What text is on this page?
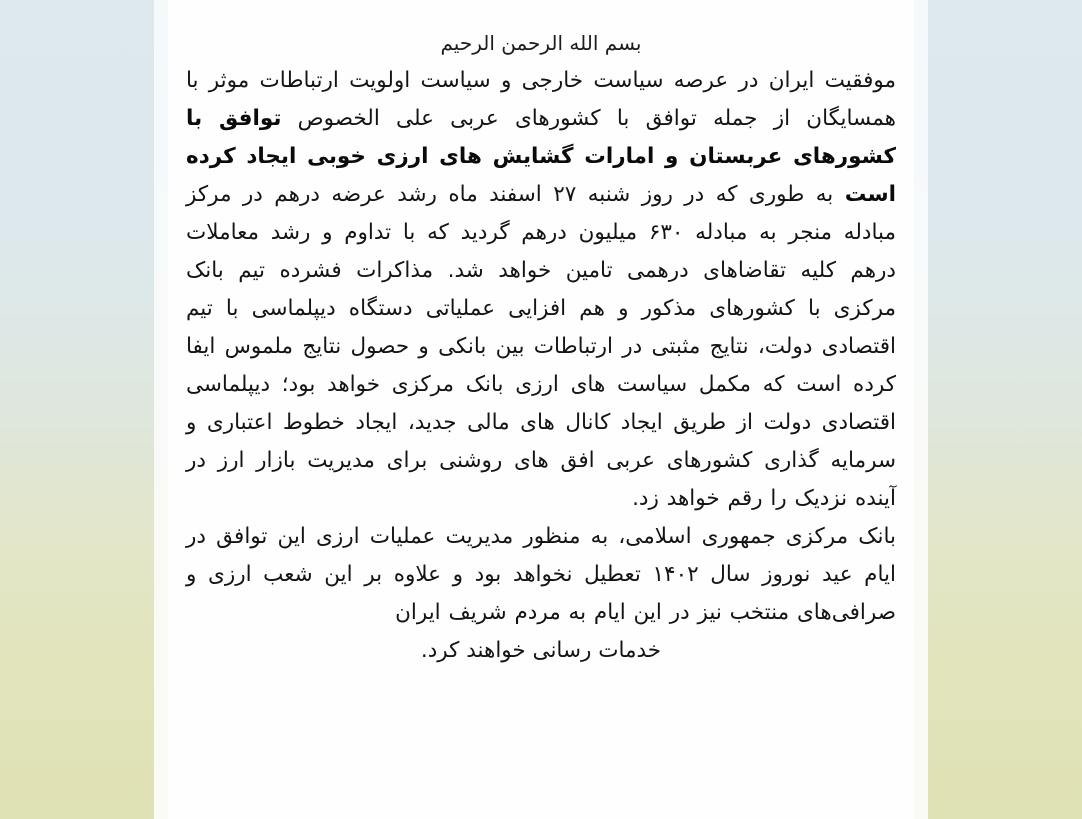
بسم الله الرحمن الرحیم

موفقیت ایران در عرصه سیاست خارجی و سیاست اولویت ارتباطات موثر با همسایگان از جمله توافق با کشورهای عربی علی الخصوص توافق با کشورهای عربستان و امارات گشایش های ارزی خوبی ایجاد کرده است به طوری که در روز شنبه ۲۷ اسفند ماه رشد عرضه درهم در مرکز مبادله منجر به مبادله ۶۳۰ میلیون درهم گردید که با تداوم و رشد معاملات درهم کلیه تقاضاهای درهمی تامین خواهد شد. مذاکرات فشرده تیم بانک مرکزی با کشورهای مذکور و هم افزایی عملیاتی دستگاه دیپلماسی با تیم اقتصادی دولت، نتایج مثبتی در ارتباطات بین بانکی و حصول نتایج ملموس ایفا کرده است که مکمل سیاست های ارزی بانک مرکزی خواهد بود؛ دیپلماسی اقتصادی دولت از طریق ایجاد کانال های مالی جدید، ایجاد خطوط اعتباری و سرمایه گذاری کشورهای عربی افق های روشنی برای مدیریت بازار ارز در آینده نزدیک را رقم خواهد زد.

بانک مرکزی جمهوری اسلامی، به منظور مدیریت عملیات ارزی این توافق در ایام عید نوروز سال ۱۴۰۲ تعطیل نخواهد بود و علاوه بر این شعب ارزی و صرافی‌های منتخب نیز در این ایام به مردم شریف ایران

خدمات رسانی خواهند کرد.
